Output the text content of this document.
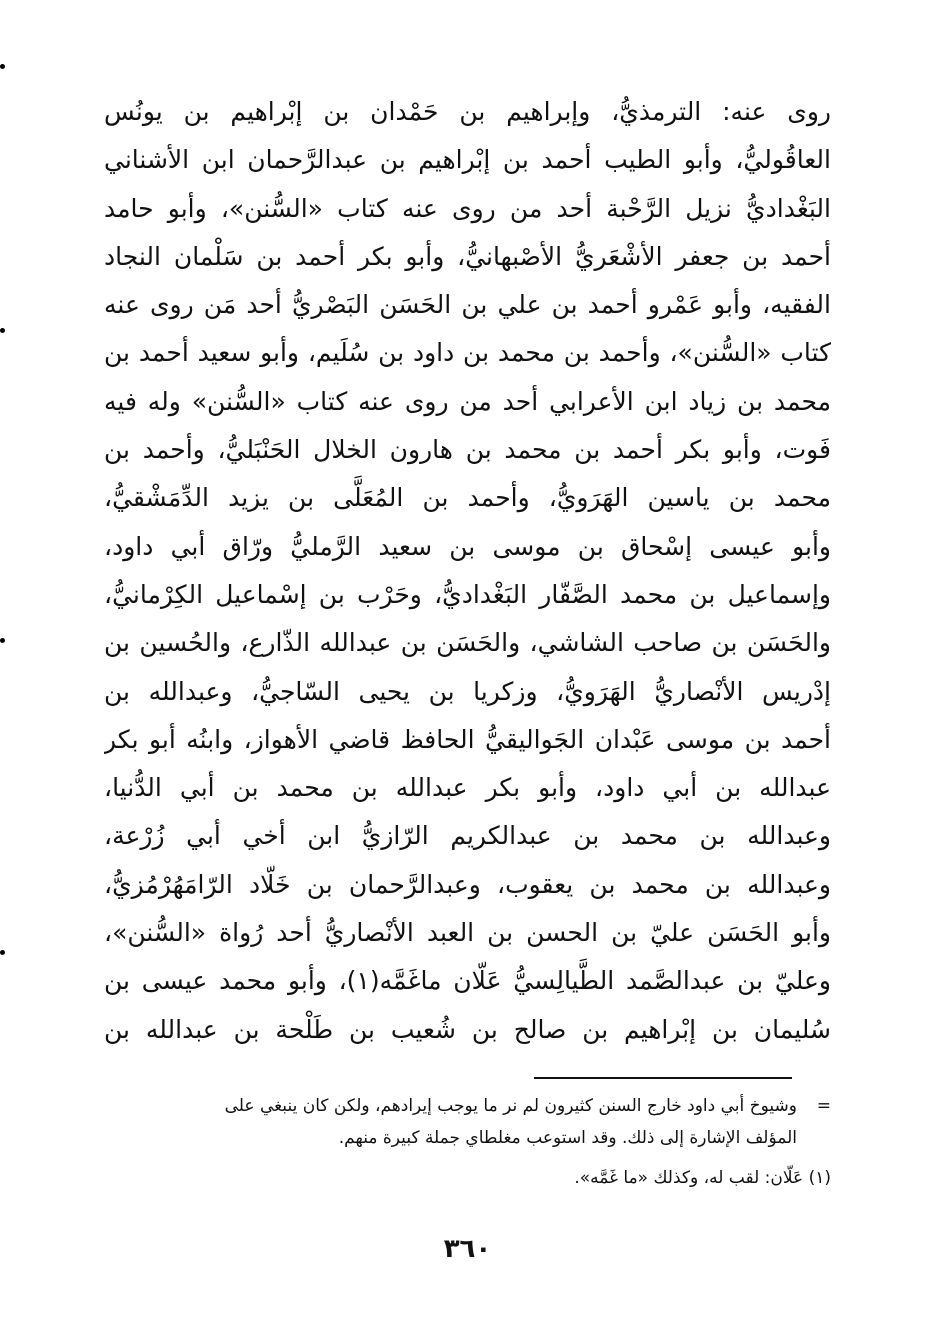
روى عنه: الترمذيُّ، وإبراهيم بن حَمْدان بن إبْراهيم بن يونُس
العاقُوليُّ، وأبو الطيب أحمد بن إبْراهيم بن عبدالرَّحمان ابن الأشناني
البَغْداديُّ نزيل الرَّحْبة أحد من روى عنه كتاب «السُّنن»، وأبو حامد
أحمد بن جعفر الأشْعَريُّ الأصْبهانيُّ، وأبو بكر أحمد بن سَلْمان النجاد
الفقيه، وأبو عَمْرو أحمد بن علي بن الحَسَن البَصْريُّ أحد مَن روى عنه
كتاب «السُّنن»، وأحمد بن محمد بن داود بن سُلَيم، وأبو سعيد أحمد بن
محمد بن زياد ابن الأعرابي أحد من روى عنه كتاب «السُّنن» وله فيه
فَوت، وأبو بكر أحمد بن محمد بن هارون الخلال الحَنْبَليُّ، وأحمد بن
محمد بن ياسين الهَرَويُّ، وأحمد بن المُعَلَّى بن يزيد الدِّمَشْقيُّ،
وأبو عيسى إسْحاق بن موسى بن سعيد الرَّمليُّ ورّاق أبي داود،
وإسماعيل بن محمد الصَّفّار البَغْداديُّ، وحَرْب بن إسْماعيل الكِرْمانيُّ،
والحَسَن بن صاحب الشاشي، والحَسَن بن عبدالله الذّارع، والحُسين بن
إدْريس الأنْصاريُّ الهَرَويُّ، وزكريا بن يحيى السّاجيُّ، وعبدالله بن
أحمد بن موسى عَبْدان الجَواليقيُّ الحافظ قاضي الأهواز، وابنُه أبو بكر
عبدالله بن أبي داود، وأبو بكر عبدالله بن محمد بن أبي الدُّنيا،
وعبدالله بن محمد بن عبدالكريم الرّازيُّ ابن أخي أبي زُرْعة،
وعبدالله بن محمد بن يعقوب، وعبدالرَّحمان بن خَلّاد الرّامَهُرْمُزيُّ،
وأبو الحَسَن عليّ بن الحسن بن العبد الأنْصاريُّ أحد رُواة «السُّنن»،
وعليّ بن عبدالصَّمد الطَّيالِسيُّ عَلّان ماغَمَّه(١)، وأبو محمد عيسى بن
سُليمان بن إبْراهيم بن صالح بن شُعيب بن طَلْحة بن عبدالله بن
=وشيوخ أبي داود خارج السنن كثيرون لم نر ما يوجب إيرادهم، ولكن كان ينبغي على
المؤلف الإشارة إلى ذلك. وقد استوعب مغلطاي جملة كبيرة منهم.
(١) عَلّان: لقب له، وكذلك «ما غَمَّه».
٣٦٠
